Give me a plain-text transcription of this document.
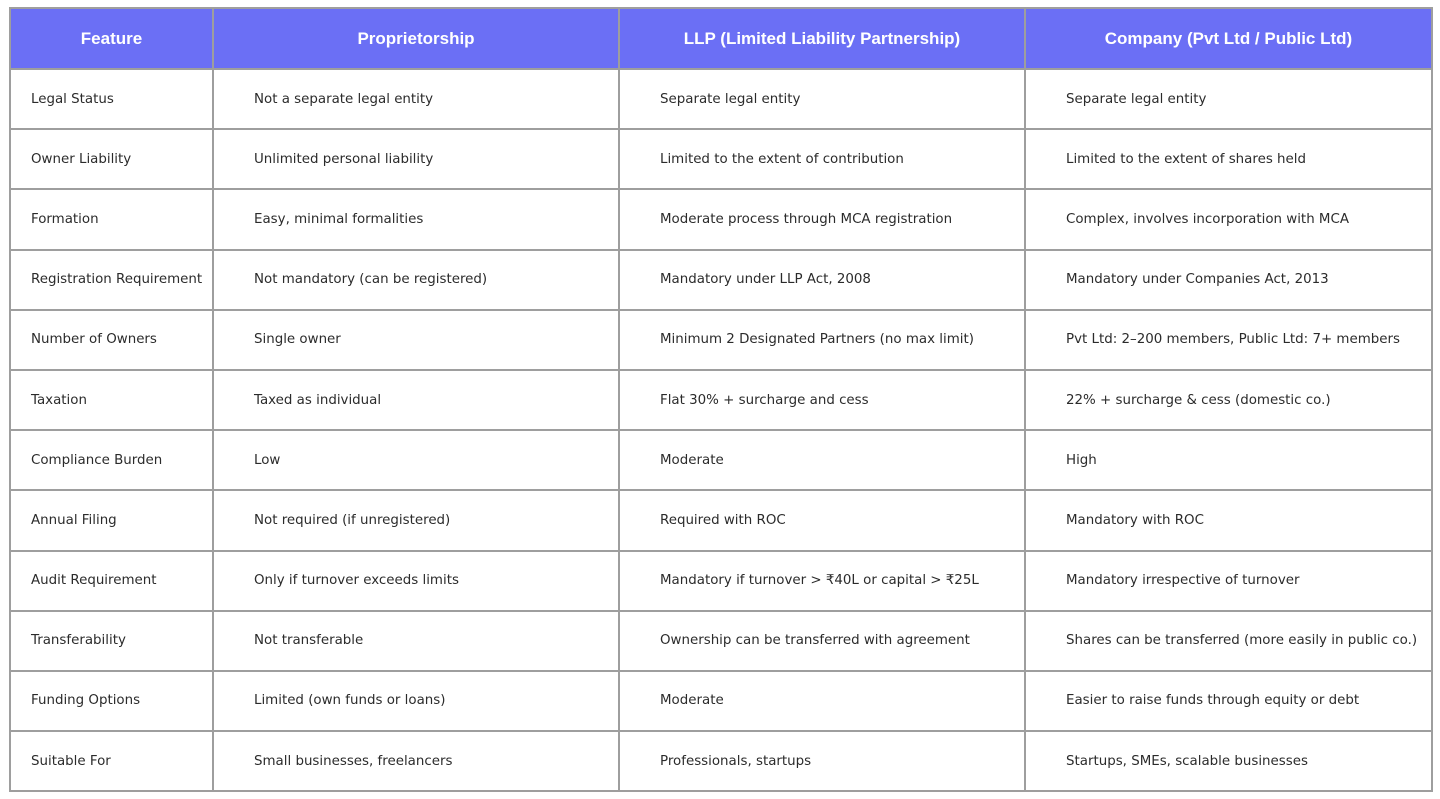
Feature	Proprietorship	LLP (Limited Liability Partnership)	Company (Pvt Ltd / Public Ltd)
Legal Status	Not a separate legal entity	Separate legal entity	Separate legal entity
Owner Liability	Unlimited personal liability	Limited to the extent of contribution	Limited to the extent of shares held
Formation	Easy, minimal formalities	Moderate process through MCA registration	Complex, involves incorporation with MCA
Registration Requirement	Not mandatory (can be registered)	Mandatory under LLP Act, 2008	Mandatory under Companies Act, 2013
Number of Owners	Single owner	Minimum 2 Designated Partners (no max limit)	Pvt Ltd: 2–200 members, Public Ltd: 7+ members
Taxation	Taxed as individual	Flat 30% + surcharge and cess	22% + surcharge & cess (domestic co.)
Compliance Burden	Low	Moderate	High
Annual Filing	Not required (if unregistered)	Required with ROC	Mandatory with ROC
Audit Requirement	Only if turnover exceeds limits	Mandatory if turnover > ₹40L or capital > ₹25L	Mandatory irrespective of turnover
Transferability	Not transferable	Ownership can be transferred with agreement	Shares can be transferred (more easily in public co.)
Funding Options	Limited (own funds or loans)	Moderate	Easier to raise funds through equity or debt
Suitable For	Small businesses, freelancers	Professionals, startups	Startups, SMEs, scalable businesses
